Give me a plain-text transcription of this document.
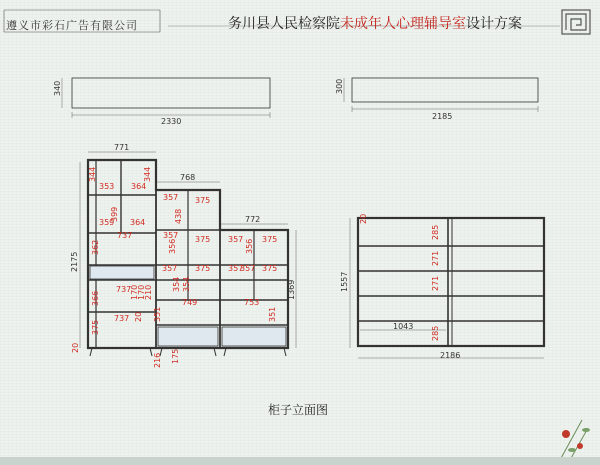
遵义市彩石广告有限公司	务川县人民检察院未成年人心理辅导室设计方案
340
2330
300
2185
2175
20
771
768
772
1369
344
353 364
344
359
399
364
357
438
375
362
737	357
356 375 357 356 375
357	357
375	357 375
737
170
170
210
354 354
749	753
366
375
737 20 351	351
216 175
1557
2186
20
285
271
271
285
1043
柜子立面图
